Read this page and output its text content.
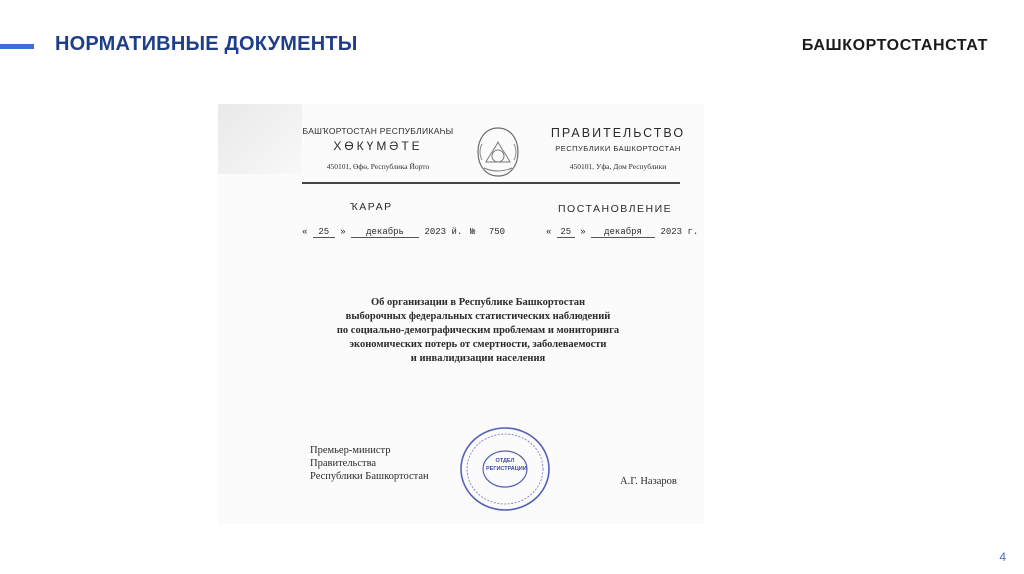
НОРМАТИВНЫЕ ДОКУМЕНТЫ	БАШКОРТОСТАНСТАТ
БАШҠОРТОСТАН РЕСПУБЛИКАҺЫ
ХӨКҮМӘТЕ
450101, Өфө, Республика Йорто
ПРАВИТЕЛЬСТВО
РЕСПУБЛИКИ БАШКОРТОСТАН
450101, Уфа, Дом Республики
ҠАРАР	ПОСТАНОВЛЕНИЕ
« 25 » декабрь 2023 й. № 750	« 25 » декабря 2023 г.
Об организации в Республике Башкортостан
выборочных федеральных статистических наблюдений
по социально-демографическим проблемам и мониторинга
экономических потерь от смертности, заболеваемости
и инвалидизации населения
Премьер-министр
Правительства
Республики Башкортостан
ОТДЕЛ
РЕГИСТРАЦИИ
А.Г. Назаров
4
